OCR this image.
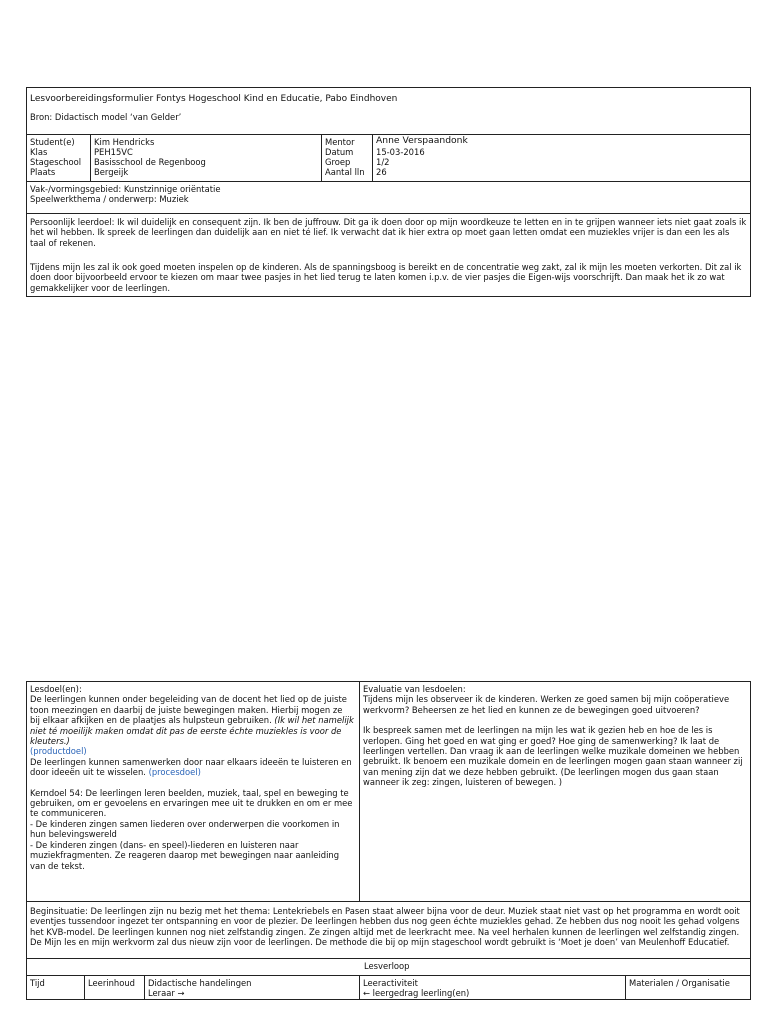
Lesvoorbereidingsformulier Fontys Hogeschool Kind en Educatie, Pabo Eindhoven
Bron: Didactisch model ‘van Gelder’
Student(e)
Klas
Stageschool
Plaats
Kim Hendricks
PEH15VC
Basisschool de Regenboog
Bergeijk
Mentor
Datum
Groep
Aantal lln
Anne Verspaandonk
15-03-2016
1/2
26
Vak-/vormingsgebied: Kunstzinnige oriëntatie
Speelwerkthema / onderwerp: Muziek

Persoonlijk leerdoel: Ik wil duidelijk en consequent zijn. Ik ben de juffrouw. Dit ga ik doen door op mijn woordkeuze te letten en in te grijpen wanneer iets niet gaat zoals ik het wil hebben. Ik spreek de leerlingen dan duidelijk aan en niet té lief. Ik verwacht dat ik hier extra op moet gaan letten omdat een muziekles vrijer is dan een les als taal of rekenen.

Tijdens mijn les zal ik ook goed moeten inspelen op de kinderen. Als de spanningsboog is bereikt en de concentratie weg zakt, zal ik mijn les moeten verkorten. Dit zal ik doen door bijvoorbeeld ervoor te kiezen om maar twee pasjes in het lied terug te laten komen i.p.v. de vier pasjes die Eigen-wijs voorschrijft. Dan maak het ik zo wat gemakkelijker voor de leerlingen.

Lesdoel(en):

De leerlingen kunnen onder begeleiding van de docent het lied op de juiste toon meezingen en daarbij de juiste bewegingen maken. Hierbij mogen ze bij elkaar afkijken en de plaatjes als hulpsteun gebruiken. (Ik wil het namelijk niet té moeilijk maken omdat dit pas de eerste échte muziekles is voor de kleuters.)

(productdoel)

De leerlingen kunnen samenwerken door naar elkaars ideeën te luisteren en door ideeën uit te wisselen. (procesdoel)

Kerndoel 54: De leerlingen leren beelden, muziek, taal, spel en beweging te gebruiken, om er gevoelens en ervaringen mee uit te drukken en om er mee te communiceren.

- De kinderen zingen samen liederen over onderwerpen die voorkomen in hun belevingswereld

- De kinderen zingen (dans- en speel)-liederen en luisteren naar muziekfragmenten. Ze reageren daarop met bewegingen naar aanleiding van de tekst.

Evaluatie van lesdoelen:

Tijdens mijn les observeer ik de kinderen. Werken ze goed samen bij mijn coöperatieve werkvorm? Beheersen ze het lied en kunnen ze de bewegingen goed uitvoeren?

Ik bespreek samen met de leerlingen na mijn les wat ik gezien heb en hoe de les is verlopen. Ging het goed en wat ging er goed? Hoe ging de samenwerking? Ik laat de leerlingen vertellen. Dan vraag ik aan de leerlingen welke muzikale domeinen we hebben gebruikt. Ik benoem een muzikale domein en de leerlingen mogen gaan staan wanneer zij van mening zijn dat we deze hebben gebruikt. (De leerlingen mogen dus gaan staan wanneer ik zeg: zingen, luisteren of bewegen. )

Beginsituatie: De leerlingen zijn nu bezig met het thema: Lentekriebels en Pasen staat alweer bijna voor de deur. Muziek staat niet vast op het programma en wordt ooit eventjes tussendoor ingezet ter ontspanning en voor de plezier. De leerlingen hebben dus nog geen échte muziekles gehad. Ze hebben dus nog nooit les gehad volgens het KVB-model. De leerlingen kunnen nog niet zelfstandig zingen. Ze zingen altijd met de leerkracht mee. Na veel herhalen kunnen de leerlingen wel zelfstandig zingen. De Mijn les en mijn werkvorm zal dus nieuw zijn voor de leerlingen. De methode die bij op mijn stageschool wordt gebruikt is ‘Moet je doen’ van Meulenhoff Educatief.

Lesverloop
Tijd	Leerinhoud Didactische handelingen
Leraar →
Leeractiviteit
← leergedrag leerling(en)
Materialen / Organisatie
